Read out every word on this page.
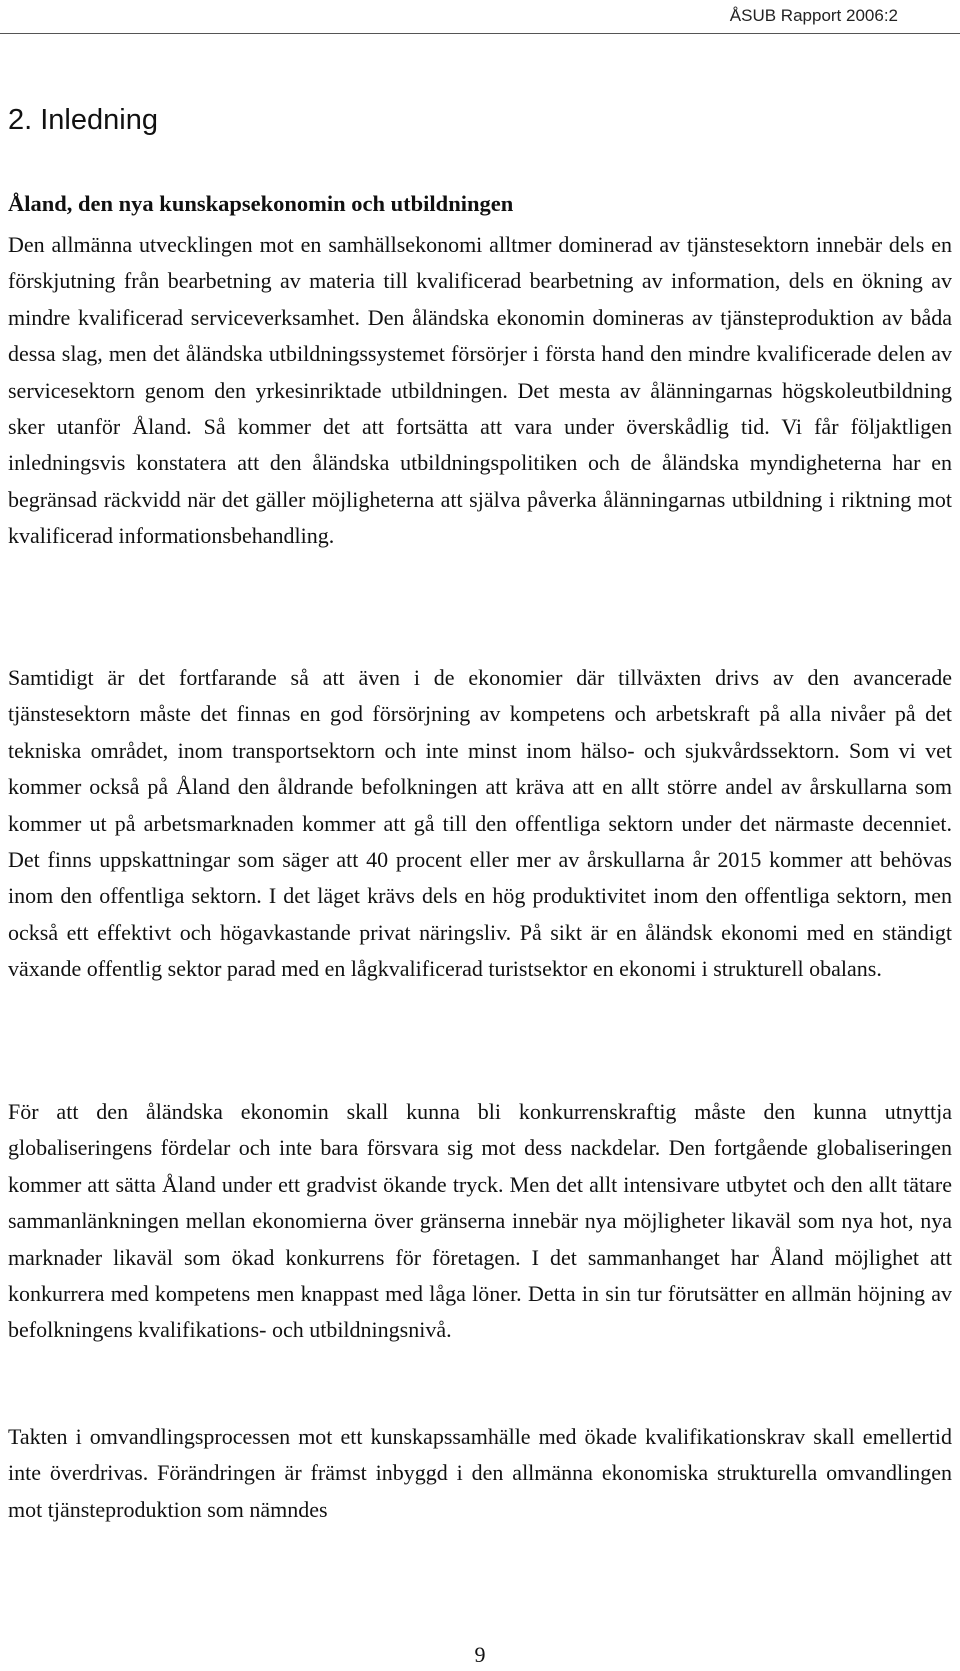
ÅSUB Rapport 2006:2
2. Inledning
Åland, den nya kunskapsekonomin och utbildningen

Den allmänna utvecklingen mot en samhällsekonomi alltmer dominerad av tjänstesektorn innebär dels en förskjutning från bearbetning av materia till kvalificerad bearbetning av information, dels en ökning av mindre kvalificerad serviceverksamhet. Den åländska ekonomin domineras av tjänsteproduktion av båda dessa slag, men det åländska utbildningssystemet försörjer i första hand den mindre kvalificerade delen av servicesektorn genom den yrkesinriktade utbildningen. Det mesta av ålänningarnas högskoleutbildning sker utanför Åland. Så kommer det att fortsätta att vara under överskådlig tid. Vi får följaktligen inledningsvis konstatera att den åländska utbildningspolitiken och de åländska myndigheterna har en begränsad räckvidd när det gäller möjligheterna att själva påverka ålänningarnas utbildning i riktning mot kvalificerad informationsbehandling.

Samtidigt är det fortfarande så att även i de ekonomier där tillväxten drivs av den avancerade tjänstesektorn måste det finnas en god försörjning av kompetens och arbetskraft på alla nivåer på det tekniska området, inom transportsektorn och inte minst inom hälso- och sjukvårdssektorn. Som vi vet kommer också på Åland den åldrande befolkningen att kräva att en allt större andel av årskullarna som kommer ut på arbetsmarknaden kommer att gå till den offentliga sektorn under det närmaste decenniet. Det finns uppskattningar som säger att 40 procent eller mer av årskullarna år 2015 kommer att behövas inom den offentliga sektorn. I det läget krävs dels en hög produktivitet inom den offentliga sektorn, men också ett effektivt och högavkastande privat näringsliv. På sikt är en åländsk ekonomi med en ständigt växande offentlig sektor parad med en lågkvalificerad turistsektor en ekonomi i strukturell obalans.

För att den åländska ekonomin skall kunna bli konkurrenskraftig måste den kunna utnyttja globaliseringens fördelar och inte bara försvara sig mot dess nackdelar. Den fortgående globaliseringen kommer att sätta Åland under ett gradvist ökande tryck. Men det allt intensivare utbytet och den allt tätare sammanlänkningen mellan ekonomierna över gränserna innebär nya möjligheter likaväl som nya hot, nya marknader likaväl som ökad konkurrens för företagen. I det sammanhanget har Åland möjlighet att konkurrera med kompetens men knappast med låga löner. Detta in sin tur förutsätter en allmän höjning av befolkningens kvalifikations- och utbildningsnivå.

Takten i omvandlingsprocessen mot ett kunskapssamhälle med ökade kvalifikationskrav skall emellertid inte överdrivas. Förändringen är främst inbyggd i den allmänna ekonomiska strukturella omvandlingen mot tjänsteproduktion som nämndes

9
